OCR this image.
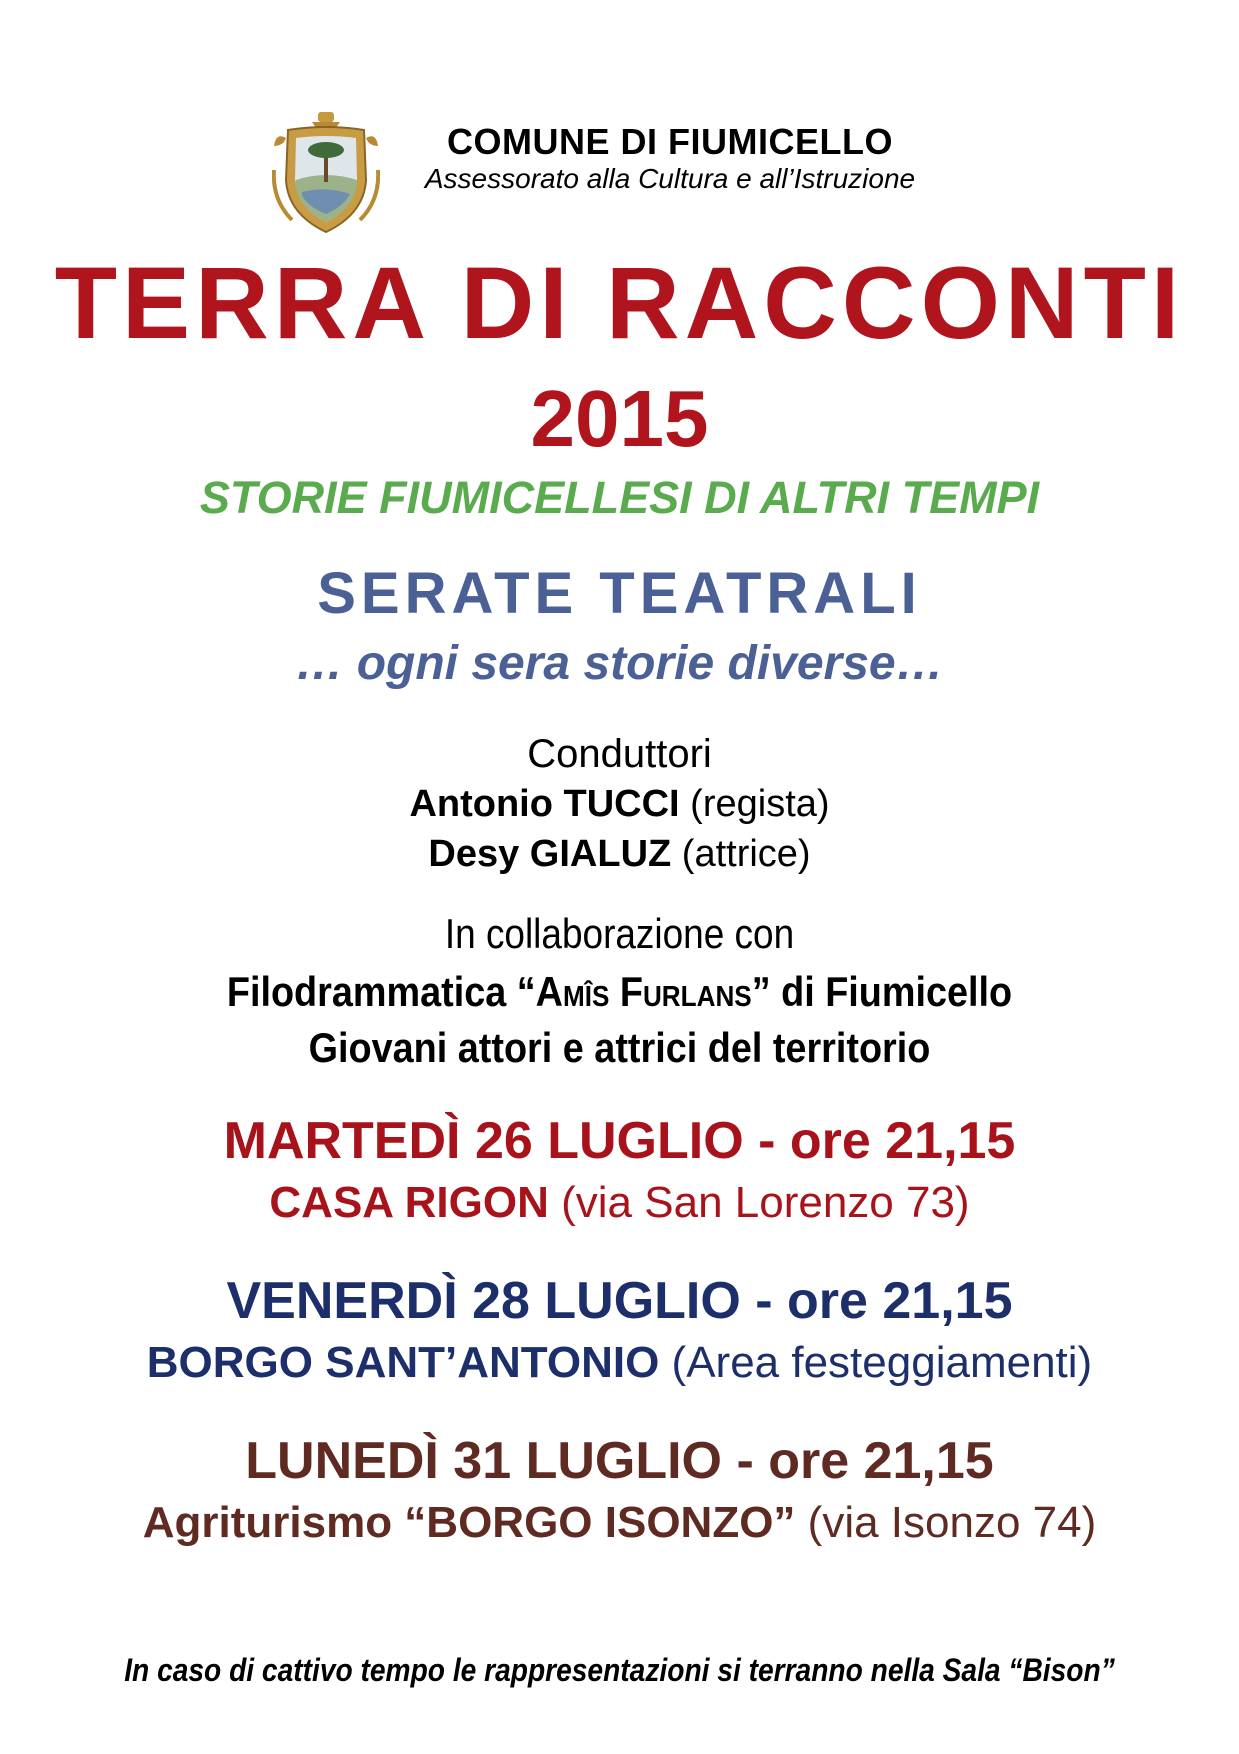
COMUNE DI FIUMICELLO
Assessorato alla Cultura e all’Istruzione
TERRA DI RACCONTI
2015
STORIE FIUMICELLESI DI ALTRI TEMPI
SERATE TEATRALI
… ogni sera storie diverse…
Conduttori
Antonio TUCCI (regista)
Desy GIALUZ (attrice)
In collaborazione con
Filodrammatica “Amîs Furlans” di Fiumicello
Giovani attori e attrici del territorio
MARTEDÌ 26 LUGLIO - ore 21,15
CASA RIGON (via San Lorenzo 73)
VENERDÌ 28 LUGLIO - ore 21,15
BORGO SANT’ANTONIO (Area festeggiamenti)
LUNEDÌ 31 LUGLIO - ore 21,15
Agriturismo “BORGO ISONZO” (via Isonzo 74)
In caso di cattivo tempo le rappresentazioni si terranno nella Sala “Bison”
